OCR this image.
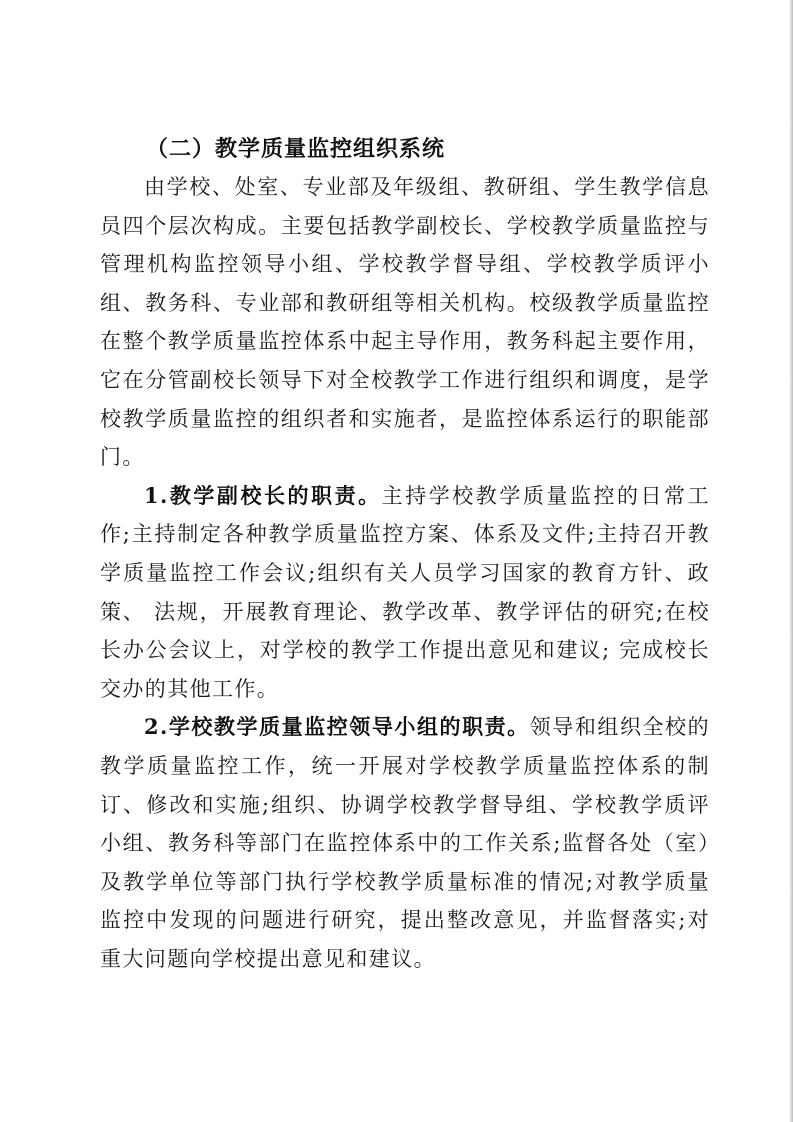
（二）教学质量监控组织系统

由学校、处室、专业部及年级组、教研组、学生教学信息员四个层次构成。主要包括教学副校长、学校教学质量监控与管理机构监控领导小组、学校教学督导组、学校教学质评小组、教务科、专业部和教研组等相关机构。校级教学质量监控在整个教学质量监控体系中起主导作用，教务科起主要作用，它在分管副校长领导下对全校教学工作进行组织和调度，是学校教学质量监控的组织者和实施者，是监控体系运行的职能部门。

1.教学副校长的职责。主持学校教学质量监控的日常工作;主持制定各种教学质量监控方案、体系及文件;主持召开教学质量监控工作会议;组织有关人员学习国家的教育方针、政策、 法规，开展教育理论、教学改革、教学评估的研究;在校长办公会议上，对学校的教学工作提出意见和建议; 完成校长交办的其他工作。

2.学校教学质量监控领导小组的职责。领导和组织全校的教学质量监控工作，统一开展对学校教学质量监控体系的制订、修改和实施;组织、协调学校教学督导组、学校教学质评小组、教务科等部门在监控体系中的工作关系;监督各处（室）及教学单位等部门执行学校教学质量标准的情况;对教学质量监控中发现的问题进行研究，提出整改意见，并监督落实;对重大问题向学校提出意见和建议。
